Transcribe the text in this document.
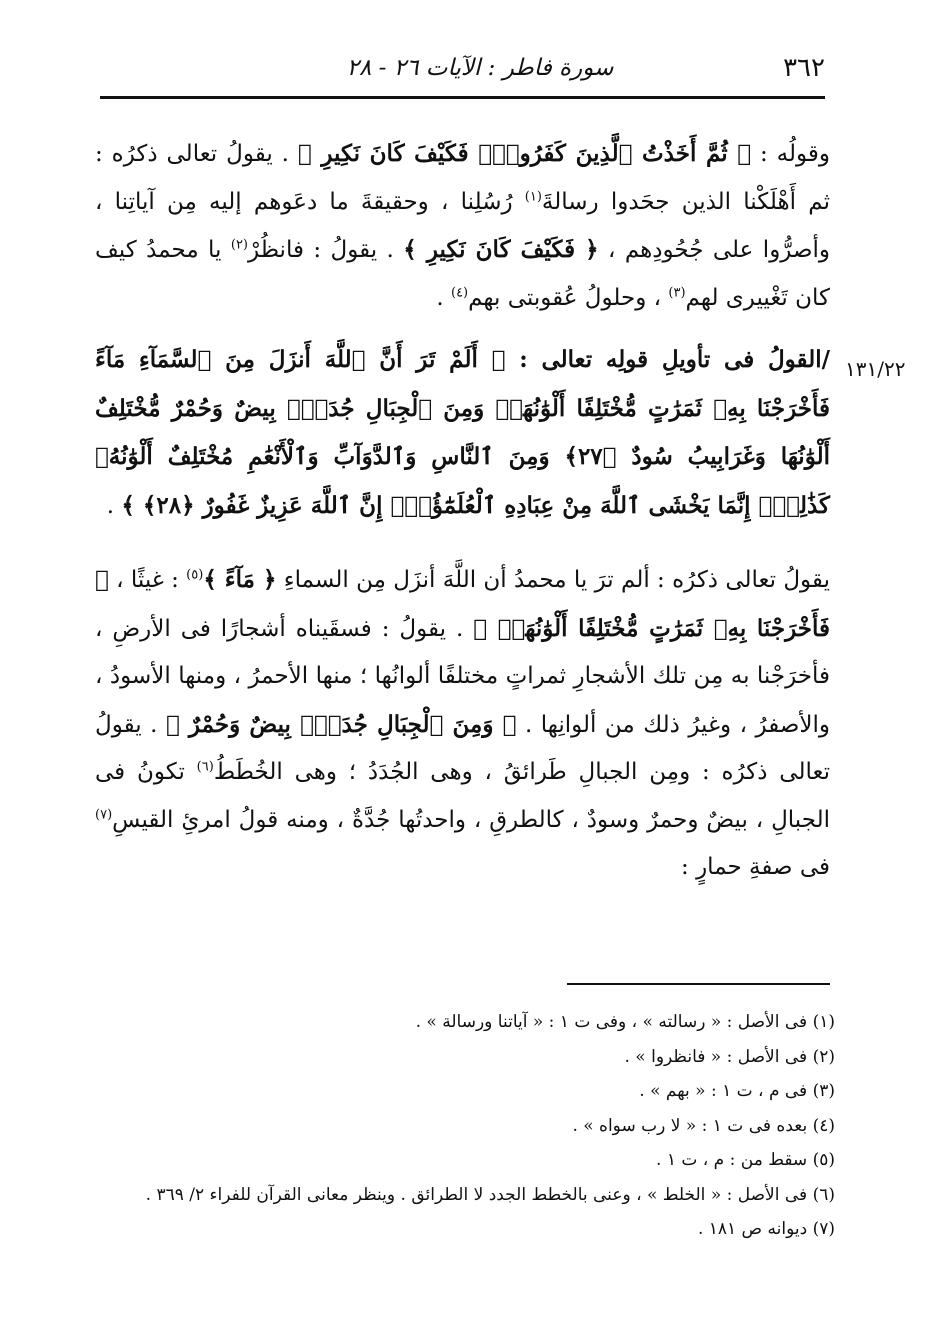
٣٦٢
سورة فاطر : الآيات ٢٦ - ٢٨
١٣١/٢٢

وقولُه : ﴿ ثُمَّ أَخَذْتُ ٱلَّذِينَ كَفَرُوا۟ۖ فَكَيْفَ كَانَ نَكِيرِ ﴾ . يقولُ تعالى ذكرُه : ثم أَهْلَكْنا الذين جحَدوا رسالةَ$^{(١)}$ رُسُلِنا ، وحقيقةَ ما دعَوهم إليه مِن آياتِنا ، وأصرُّوا على جُحُودِهم ، ﴿ فَكَيْفَ كَانَ نَكِيرِ ﴾ . يقولُ : فانظُرْ$^{(٢)}$ يا محمدُ كيف كان تَغْييرى لهم$^{(٣)}$ ، وحلولُ عُقوبتى بهم$^{(٤)}$ .

/القولُ فى تأويلِ قولِه تعالى : ﴿ أَلَمْ تَرَ أَنَّ ٱللَّهَ أَنزَلَ مِنَ ٱلسَّمَآءِ مَآءً فَأَخْرَجْنَا بِهِۦ ثَمَرَٰتٍ مُّخْتَلِفًا أَلْوَٰنُهَاۚ وَمِنَ ٱلْجِبَالِ جُدَدٌۢ بِيضٌ وَحُمْرٌ مُّخْتَلِفٌ أَلْوَٰنُهَا وَغَرَابِيبُ سُودٌ ﴿٢٧﴾ وَمِنَ ٱلنَّاسِ وَٱلدَّوَآبِّ وَٱلْأَنْعَٰمِ مُخْتَلِفٌ أَلْوَٰنُهُۥ كَذَٰلِكَۗ إِنَّمَا يَخْشَى ٱللَّهَ مِنْ عِبَادِهِ ٱلْعُلَمَٰٓؤُا۟ۗ إِنَّ ٱللَّهَ عَزِيزٌ غَفُورٌ ﴿٢٨﴾ ﴾ .

يقولُ تعالى ذكرُه : ألم ترَ يا محمدُ أن اللَّهَ أنزَل مِن السماءِ ﴿ مَآءً ﴾$^{(٥)}$ : غيثًا ، ﴿ فَأَخْرَجْنَا بِهِۦ ثَمَرَٰتٍ مُّخْتَلِفًا أَلْوَٰنُهَاۚ ﴾ . يقولُ : فسقَيناه أشجارًا فى الأرضِ ، فأخرَجْنا به مِن تلك الأشجارِ ثمراتٍ مختلفًا ألوانُها ؛ منها الأحمرُ ، ومنها الأسودُ ، والأصفرُ ، وغيرُ ذلك من ألوانِها . ﴿ وَمِنَ ٱلْجِبَالِ جُدَدٌۢ بِيضٌ وَحُمْرٌ ﴾ . يقولُ تعالى ذكرُه : ومِن الجبالِ طَرائقُ ، وهى الجُدَدُ ؛ وهى الخُطَطُ$^{(٦)}$ تكونُ فى الجبالِ ، بيضٌ وحمرٌ وسودٌ ، كالطرقِ ، واحدتُها جُدَّةٌ ، ومنه قولُ امرئِ القيسِ$^{(٧)}$ فى صفةِ حمارٍ :

(١) فى الأصل : « رسالته » ، وفى ت ١ : « آياتنا ورسالة » .
(٢) فى الأصل : « فانظروا » .
(٣) فى م ، ت ١ : « بهم » .
(٤) بعده فى ت ١ : « لا رب سواه » .
(٥) سقط من : م ، ت ١ .
(٦) فى الأصل : « الخلط » ، وعنى بالخطط الجدد لا الطرائق . وينظر معانى القرآن للفراء ٢/ ٣٦٩ .
(٧) ديوانه ص ١٨١ .
